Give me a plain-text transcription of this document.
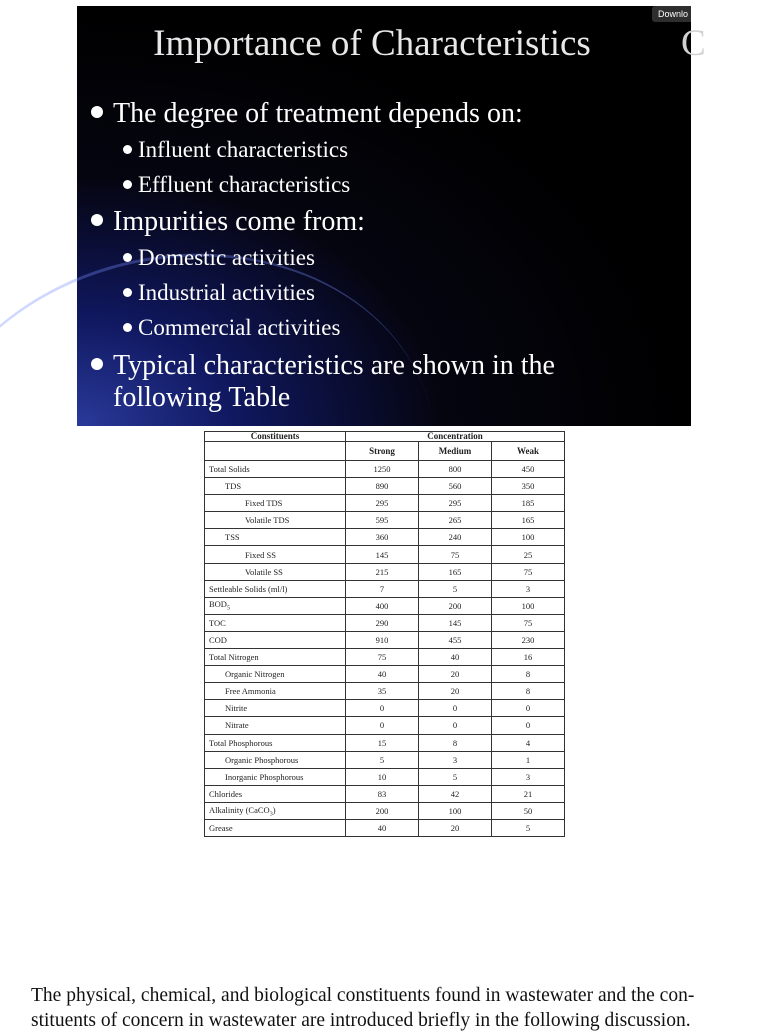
Importance of Characteristics	C
The degree of treatment depends on:
Influent characteristics
Effluent characteristics
Impurities come from:
Domestic activities
Industrial activities
Commercial activities
Typical characteristics are shown in the
following Table
Downlo
Constituents	Concentration		
	Strong	Medium	Weak
Total Solids	1250	800	450
TDS	890	560	350
Fixed TDS	295	295	185
Volatile TDS	595	265	165
TSS	360	240	100
Fixed SS	145	75	25
Volatile SS	215	165	75
Settleable Solids (ml/l)	7	5	3
$BOD_5$	400	200	100
TOC	290	145	75
COD	910	455	230
Total Nitrogen	75	40	16
Organic Nitrogen	40	20	8
Free Ammonia	35	20	8
Nitrite	0	0	0
Nitrate	0	0	0
Total Phosphorous	15	8	4
Organic Phosphorous	5	3	1
Inorganic Phosphorous	10	5	3
Chlorides	83	42	21
Alkalinity (CaCO$_3$)	200	100	50
Grease	40	20	5
The physical, chemical, and biological constituents found in wastewater and the con-
stituents of concern in wastewater are introduced briefly in the following discussion.
